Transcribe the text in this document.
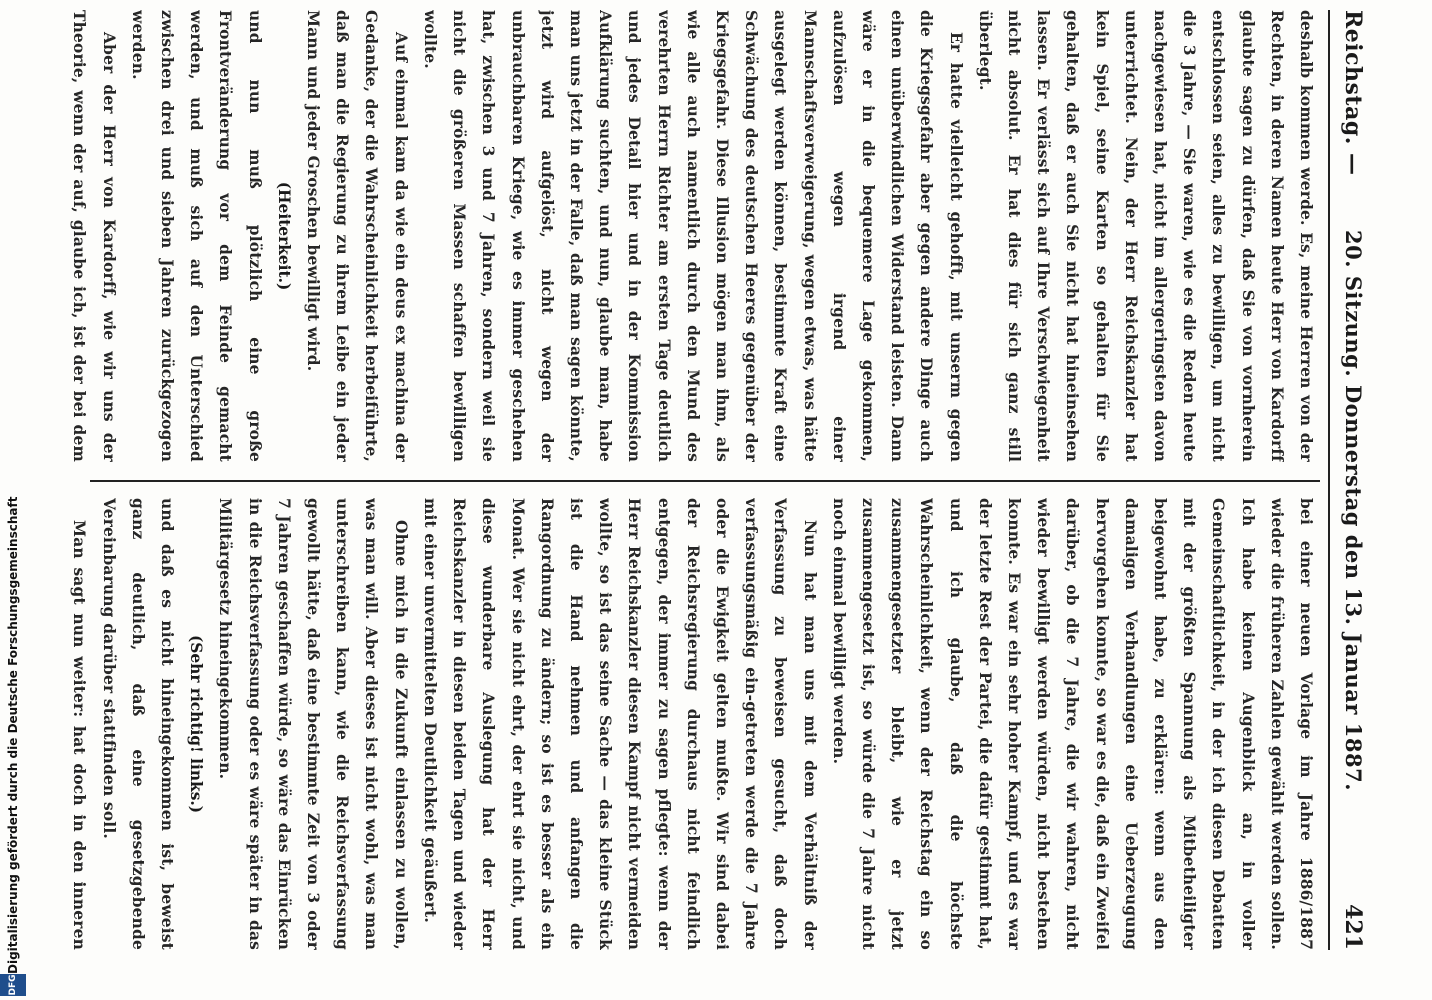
Reichstag. —
20. Sitzung. Donnerstag den 13. Januar 1887.
421

deshalb kommen werde. Es, meine Herren von der Rechten, in deren Namen heute Herr von Kardorff glaubte sagen zu dürfen, daß Sie von vornherein entschlossen seien, alles zu bewilligen, um nicht die 3 Jahre, — Sie waren, wie es die Reden heute nachgewiesen hat, nicht im allergeringsten davon unterrichtet. Nein, der Herr Reichskanzler hat kein Spiel, seine Karten so gehalten für Sie gehalten, daß er auch Sie nicht hat hineinsehen lassen. Er verlässt sich auf Ihre Verschwiegenheit nicht absolut. Er hat dies für sich ganz still überlegt.

Er hatte vielleicht gehofft, mit unserm gegen die Kriegsgefahr aber gegen andere Dinge auch einen unüberwindlichen Widerstand leisten. Dann wäre er in die bequemere Lage gekommen, aufzulösen wegen irgend einer Mannschaftsverweigerung, wegen etwas, was hätte ausgelegt werden können, bestimmte Kraft eine Schwächung des deutschen Heeres gegenüber der Kriegsgefahr. Diese Illusion mögen man ihm, als wie alle auch namentlich durch den Mund des verehrten Herrn Richter am ersten Tage deutlich und jedes Detail hier und in der Kommission Aufklärung suchten, und nun, glaube man, habe man uns jetzt in der Falle, daß man sagen könnte, jetzt wird aufgelöst, nicht wegen der unbrauchbaren Kriege, wie es immer geschehen hat, zwischen 3 und 7 Jahren, sondern weil sie nicht die größeren Massen schaffen bewilligen wollte.

Auf einmal kam da wie ein deus ex machina der Gedanke, der die Wahrscheinlichkeit herbeiführte, daß man die Regierung zu ihrem Leibe ein jeder Mann und jeder Groschen bewilligt wird.

(Heiterkeit.)

und nun muß plötzlich eine große Frontveränderung vor dem Feinde gemacht werden, und muß sich auf den Unterschied zwischen drei und sieben Jahren zurückgezogen werden.

Aber der Herr von Kardorff, wie wir uns der Theorie, wenn der auf, glaube ich, ist der bei dem

bei einer neuen Vorlage im Jahre 1886/1887 wieder die früheren Zahlen gewählt werden sollen. Ich habe keinen Augenblick an, in voller Gemeinschaftlichkeit, in der ich diesen Debatten mit der größten Spannung als Mitbetheiligter beigewohnt habe, zu erklären: wenn aus den damaligen Verhandlungen eine Ueberzeugung hervorgehen konnte, so war es die, daß ein Zweifel darüber, ob die 7 Jahre, die wir wahren, nicht wieder bewilligt werden würden, nicht bestehen konnte. Es war ein sehr hoher Kampf, und es war der letzte Rest der Partei, die dafür gestimmt hat, und ich glaube, daß die höchste Wahrscheinlichkeit, wenn der Reichstag ein so zusammengesetzter bleibt, wie er jetzt zusammengesetzt ist, so würde die 7 Jahre nicht noch einmal bewilligt werden.

Nun hat man uns mit dem Verhältniß der Verfassung zu beweisen gesucht, daß doch verfassungsmäßig ein-getreten werde die 7 Jahre oder die Ewigkeit gelten mußte. Wir sind dabei der Reichsregierung durchaus nicht feindlich entgegen, der immer zu sagen pflegte: wenn der Herr Reichskanzler diesen Kampf nicht vermeiden wollte, so ist das seine Sache — das kleine Stück ist die Hand nehmen und anfangen die Rangordnung zu ändern; so ist es besser als ein Monat. Wer sie nicht ehrt, der ehrt sie nicht, und diese wunderbare Auslegung hat der Herr Reichskanzler in diesen beiden Tagen und wieder mit einer unvermittelten Deutlichkeit geäußert.

Ohne mich in die Zukunft einlassen zu wollen, was man will. Aber dieses ist nicht wohl, was man unterschreiben kann, wie die Reichsverfassung gewollt hätte, daß eine bestimmte Zeit von 3 oder 7 Jahren geschaffen würde, so wäre das Einrücken in die Reichsverfassung oder es wäre später in das Militärgesetz hineingekommen.

(Sehr richtig! links.)

und daß es nicht hineingekommen ist, beweist ganz deutlich, daß eine gesetzgebende Vereinbarung darüber stattfinden soll.

Man sagt nun weiter: hat doch in den inneren

Digitalisierung gefördert durch die Deutsche Forschungsgemeinschaft
DFG
